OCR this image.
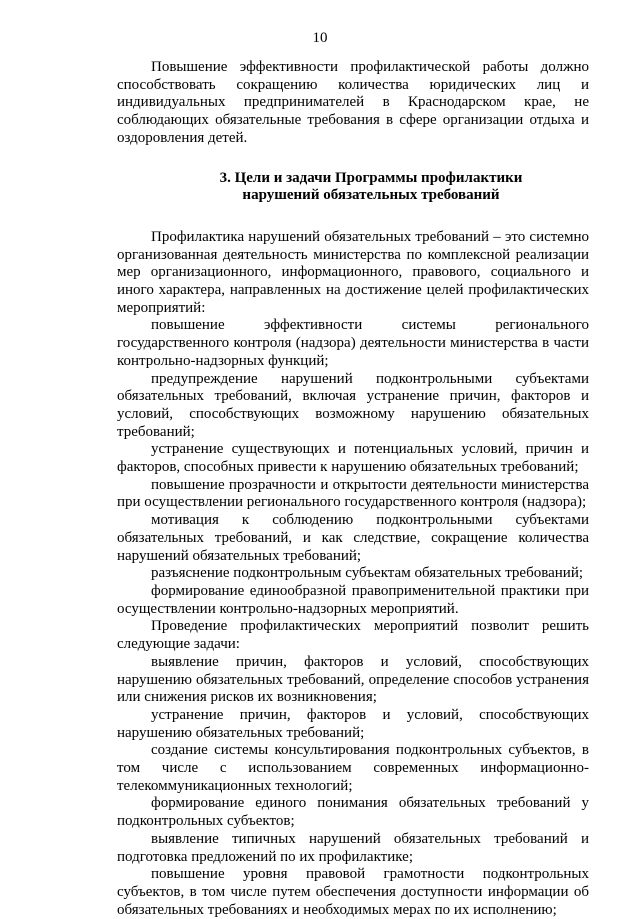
10

Повышение эффективности профилактической работы должно способствовать сокращению количества юридических лиц и индивидуальных предпринимателей в Краснодарском крае, не соблюдающих обязательные требования в сфере организации отдыха и оздоровления детей.

3. Цели и задачи Программы профилактики
нарушений обязательных требований

Профилактика нарушений обязательных требований – это системно организованная деятельность министерства по комплексной реализации мер организационного, информационного, правового, социального и иного характера, направленных на достижение целей профилактических мероприятий:

повышение эффективности системы регионального государственного контроля (надзора) деятельности министерства в части контрольно-надзорных функций;

предупреждение нарушений подконтрольными субъектами обязательных требований, включая устранение причин, факторов и условий, способствующих возможному нарушению обязательных требований;

устранение существующих и потенциальных условий, причин и факторов, способных привести к нарушению обязательных требований;

повышение прозрачности и открытости деятельности министерства при осуществлении регионального государственного контроля (надзора);

мотивация к соблюдению подконтрольными субъектами обязательных требований, и как следствие, сокращение количества нарушений обязательных требований;

разъяснение подконтрольным субъектам обязательных требований;

формирование единообразной правоприменительной практики при осуществлении контрольно-надзорных мероприятий.

Проведение профилактических мероприятий позволит решить следующие задачи:

выявление причин, факторов и условий, способствующих нарушению обязательных требований, определение способов устранения или снижения рисков их возникновения;

устранение причин, факторов и условий, способствующих нарушению обязательных требований;

создание системы консультирования подконтрольных субъектов, в том числе с использованием современных информационно-телекоммуникационных технологий;

формирование единого понимания обязательных требований у подконтрольных субъектов;

выявление типичных нарушений обязательных требований и подготовка предложений по их профилактике;

повышение уровня правовой грамотности подконтрольных субъектов, в том числе путем обеспечения доступности информации об обязательных требованиях и необходимых мерах по их исполнению;
